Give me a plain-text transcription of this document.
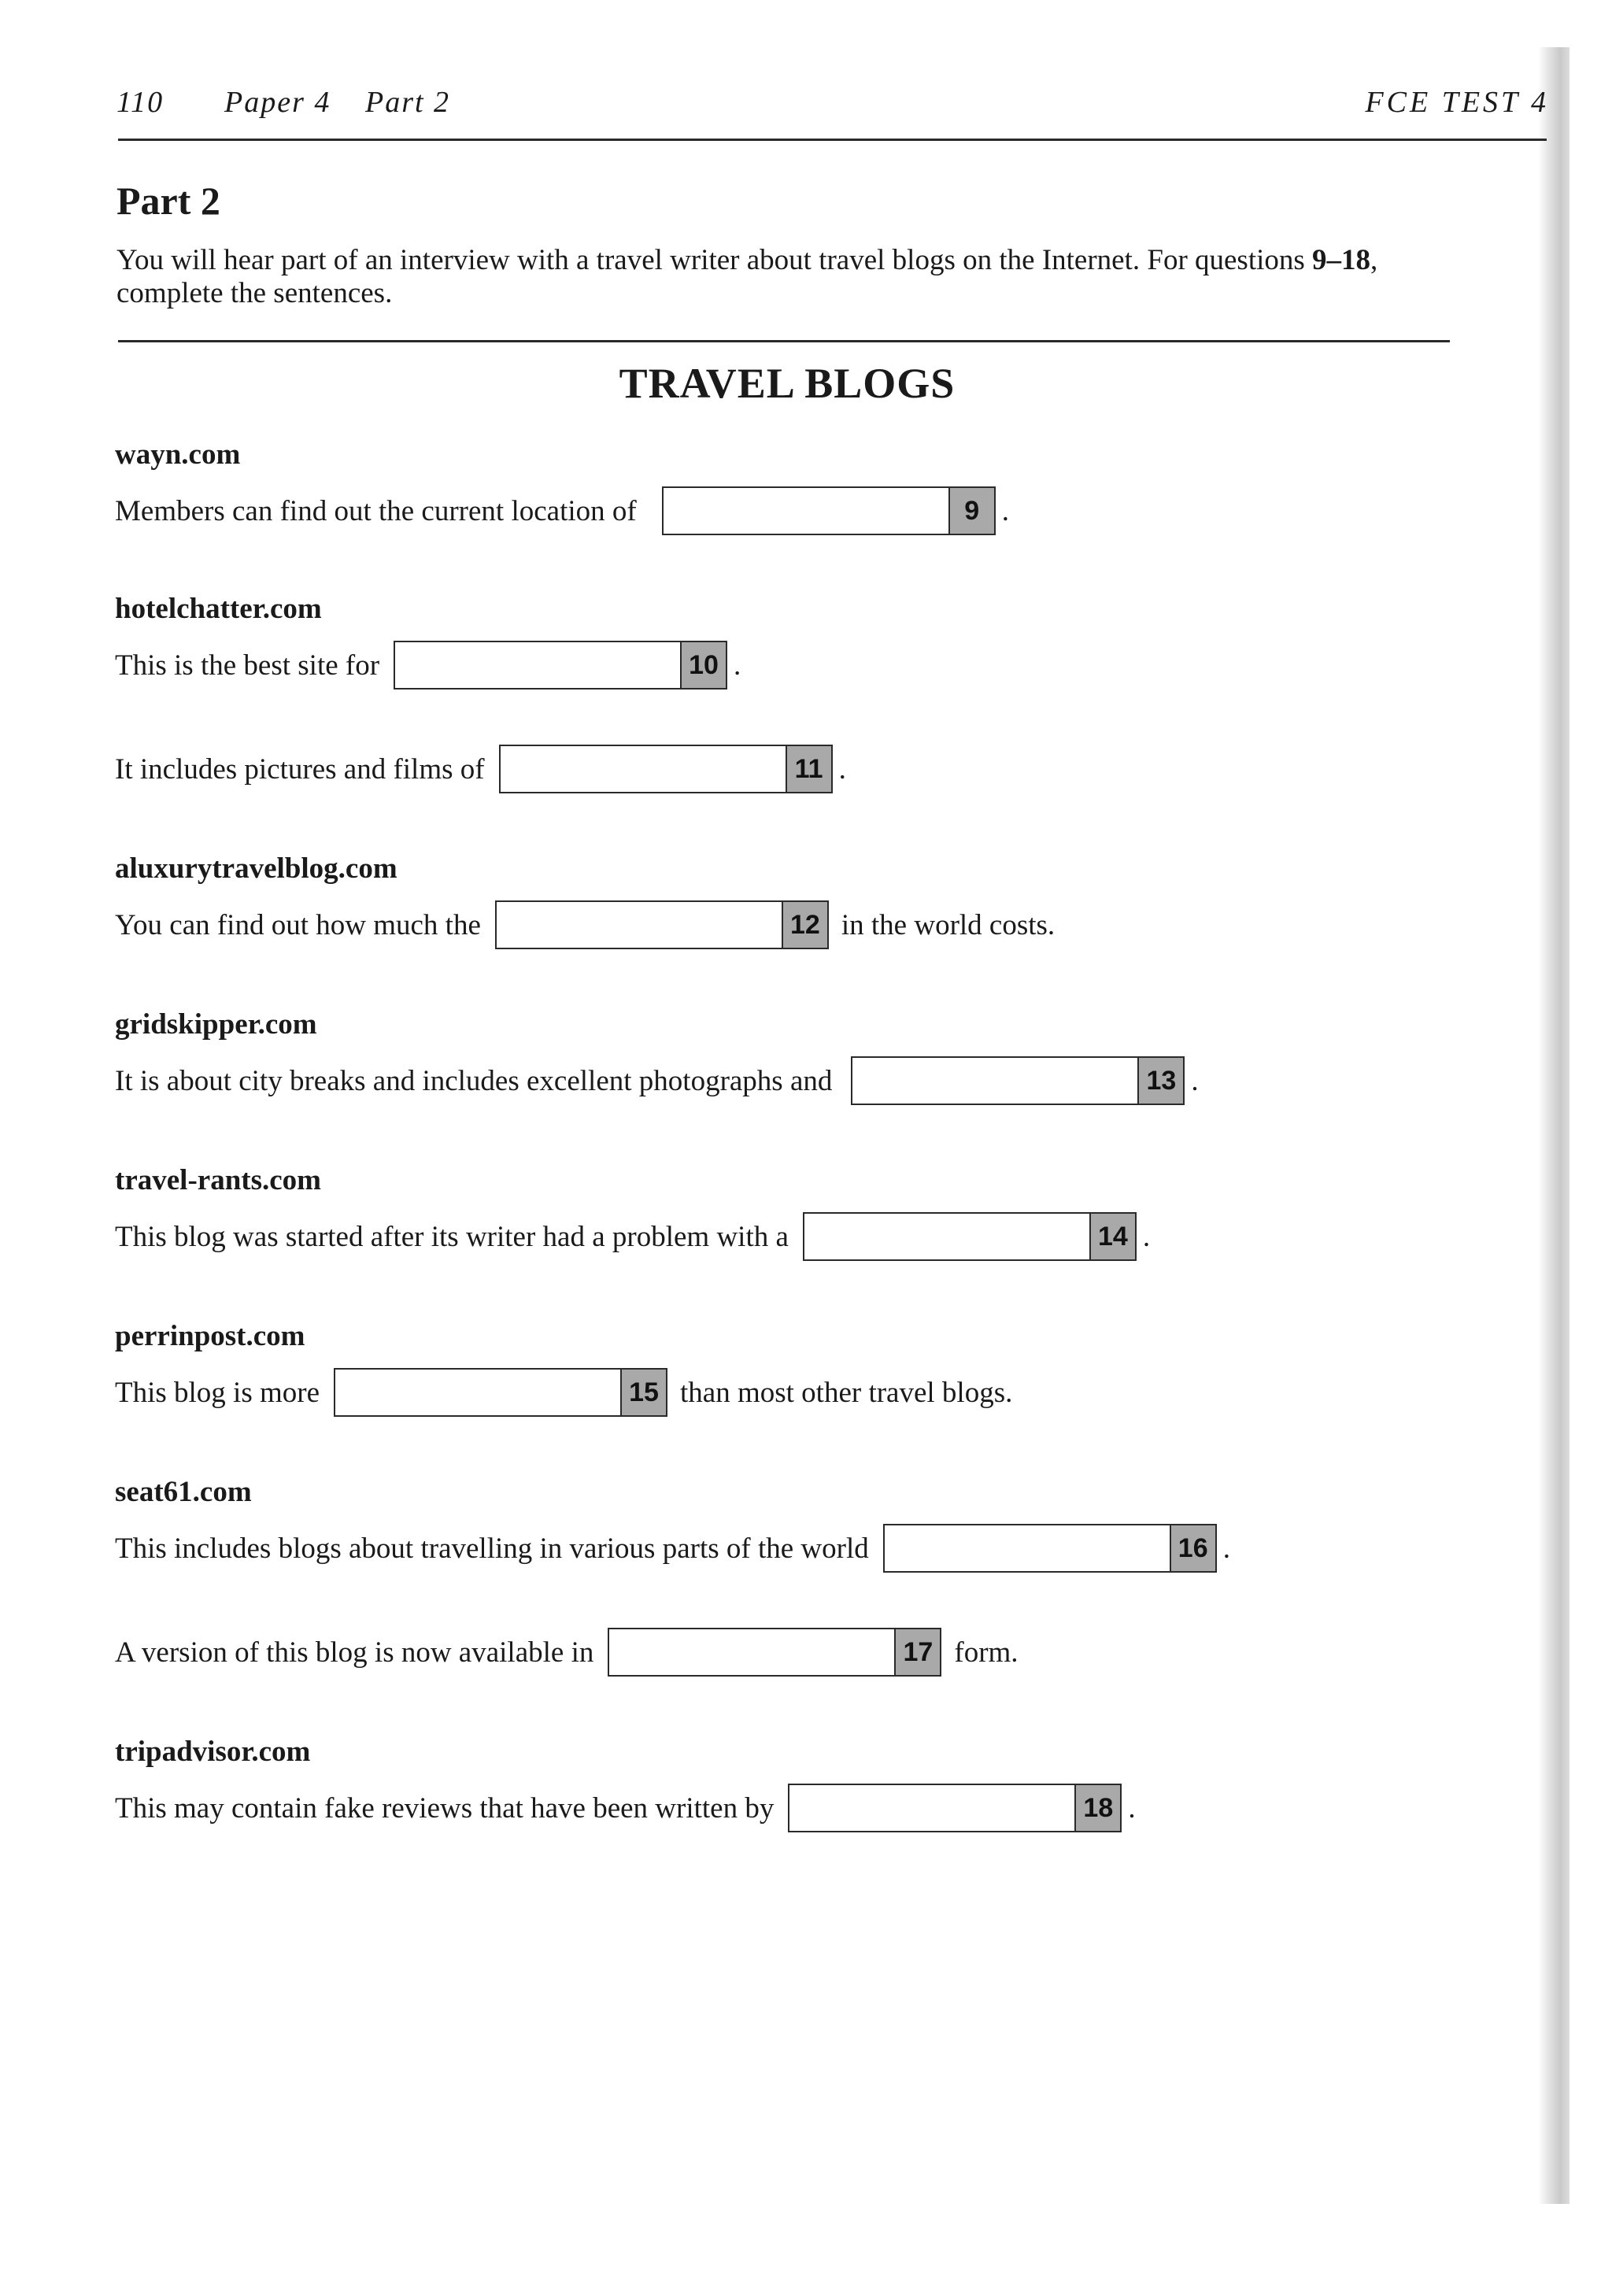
110 Paper 4 Part 2	FCE TEST 4
Part 2
You will hear part of an interview with a travel writer about travel blogs on the Internet. For questions 9–18, complete the sentences.
TRAVEL BLOGS
wayn.com
Members can find out the current location of	9 .
hotelchatter.com
This is the best site for	10 .
It includes pictures and films of	11 .
aluxurytravelblog.com
You can find out how much the	12 in the world costs.
gridskipper.com
It is about city breaks and includes excellent photographs and	13 .
travel-rants.com
This blog was started after its writer had a problem with a	14 .
perrinpost.com
This blog is more	15 than most other travel blogs.
seat61.com
This includes blogs about travelling in various parts of the world	16 .
A version of this blog is now available in	17 form.
tripadvisor.com
This may contain fake reviews that have been written by	18 .
